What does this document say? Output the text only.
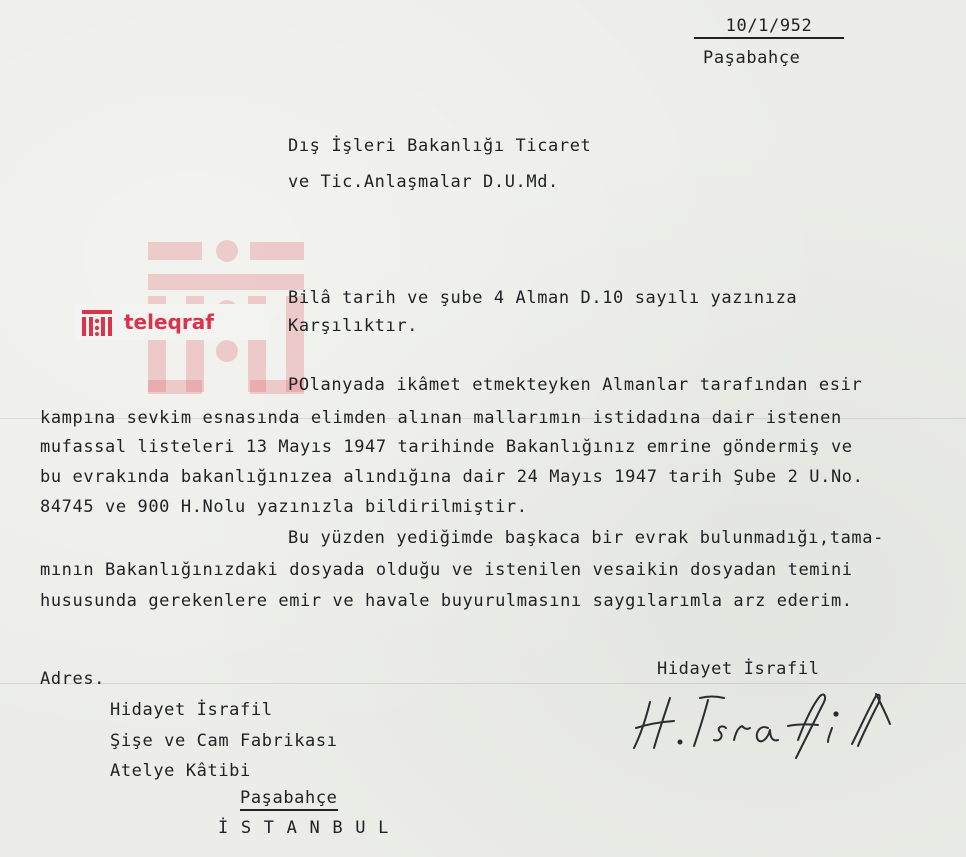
teleqraf
10/1/952
Paşabahçe
Dış İşleri Bakanlığı Ticaret
ve Tic.Anlaşmalar D.U.Md.
Bilâ tarih ve şube 4 Alman D.10 sayılı yazınıza
Karşılıktır.
POlanyada ikâmet etmekteyken Almanlar tarafından esir
kampına sevkim esnasında elimden alınan mallarımın istidadına dair istenen
mufassal listeleri 13 Mayıs 1947 tarihinde Bakanlığınız emrine göndermiş ve
bu evrakında bakanlığınızea alındığına dair 24 Mayıs 1947 tarih Şube 2 U.No.
84745 ve 900 H.Nolu yazınızla bildirilmiştir.
Bu yüzden yediğimde başkaca bir evrak bulunmadığı,tama-
mının Bakanlığınızdaki dosyada olduğu ve istenilen vesaikin dosyadan temini
hususunda gerekenlere emir ve havale buyurulmasını saygılarımla arz ederim.
Hidayet İsrafil
Adres.
Hidayet İsrafil
Şişe ve Cam Fabrikası
Atelye Kâtibi
Paşabahçe
İ S T A N B U L
